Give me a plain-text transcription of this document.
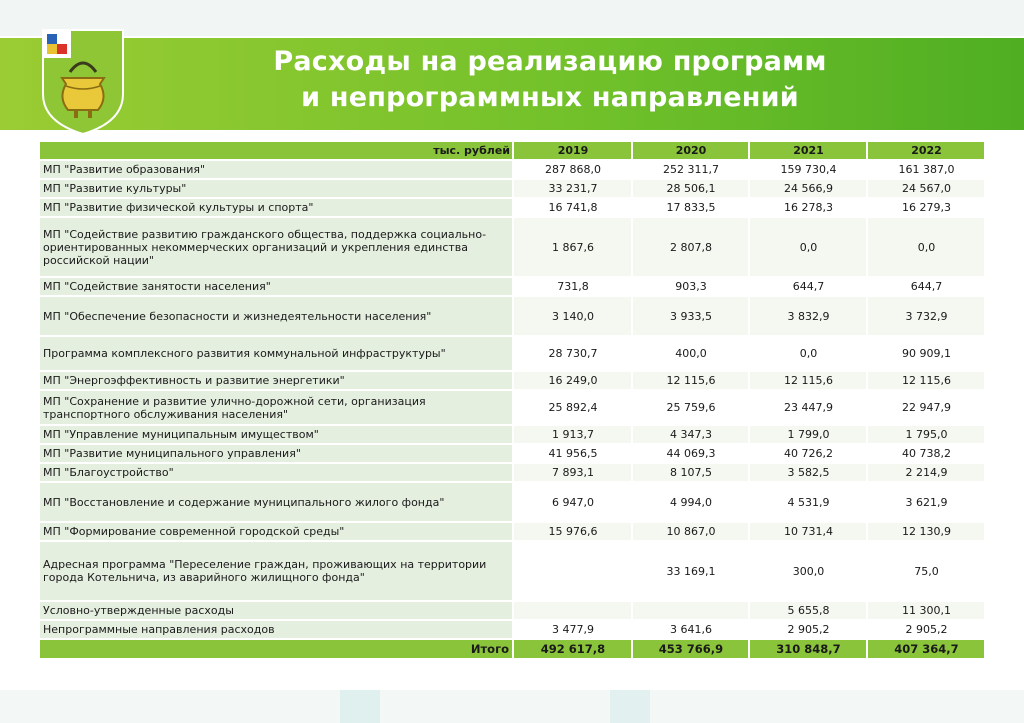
Расходы на реализацию программ
и непрограммных направлений
тыс. рублей	2019	2020	2021	2022
МП "Развитие образования"	287 868,0	252 311,7	159 730,4	161 387,0
МП "Развитие культуры"	33 231,7	28 506,1	24 566,9	24 567,0
МП "Развитие физической культуры и спорта"	16 741,8	17 833,5	16 278,3	16 279,3
МП "Содействие развитию гражданского общества, поддержка социально-ориентированных некоммерческих организаций и укрепления единства российской нации"	1 867,6	2 807,8	0,0	0,0
МП "Содействие занятости населения"	731,8	903,3	644,7	644,7
МП "Обеспечение безопасности и жизнедеятельности населения"	3 140,0	3 933,5	3 832,9	3 732,9
Программа комплексного развития коммунальной инфраструктуры"	28 730,7	400,0	0,0	90 909,1
МП "Энергоэффективность и развитие энергетики"	16 249,0	12 115,6	12 115,6	12 115,6
МП "Сохранение и развитие улично-дорожной сети, организация транспортного обслуживания населения"	25 892,4	25 759,6	23 447,9	22 947,9
МП "Управление муниципальным имуществом"	1 913,7	4 347,3	1 799,0	1 795,0
МП "Развитие муниципального управления"	41 956,5	44 069,3	40 726,2	40 738,2
МП "Благоустройство"	7 893,1	8 107,5	3 582,5	2 214,9
МП "Восстановление и содержание муниципального жилого фонда"	6 947,0	4 994,0	4 531,9	3 621,9
МП "Формирование современной городской среды"	15 976,6	10 867,0	10 731,4	12 130,9
Адресная программа "Переселение граждан, проживающих на территории города Котельнича, из аварийного жилищного фонда"		33 169,1	300,0	75,0
Условно-утвержденные расходы			5 655,8	11 300,1
Непрограммные направления расходов	3 477,9	3 641,6	2 905,2	2 905,2
Итого	492 617,8	453 766,9	310 848,7	407 364,7
